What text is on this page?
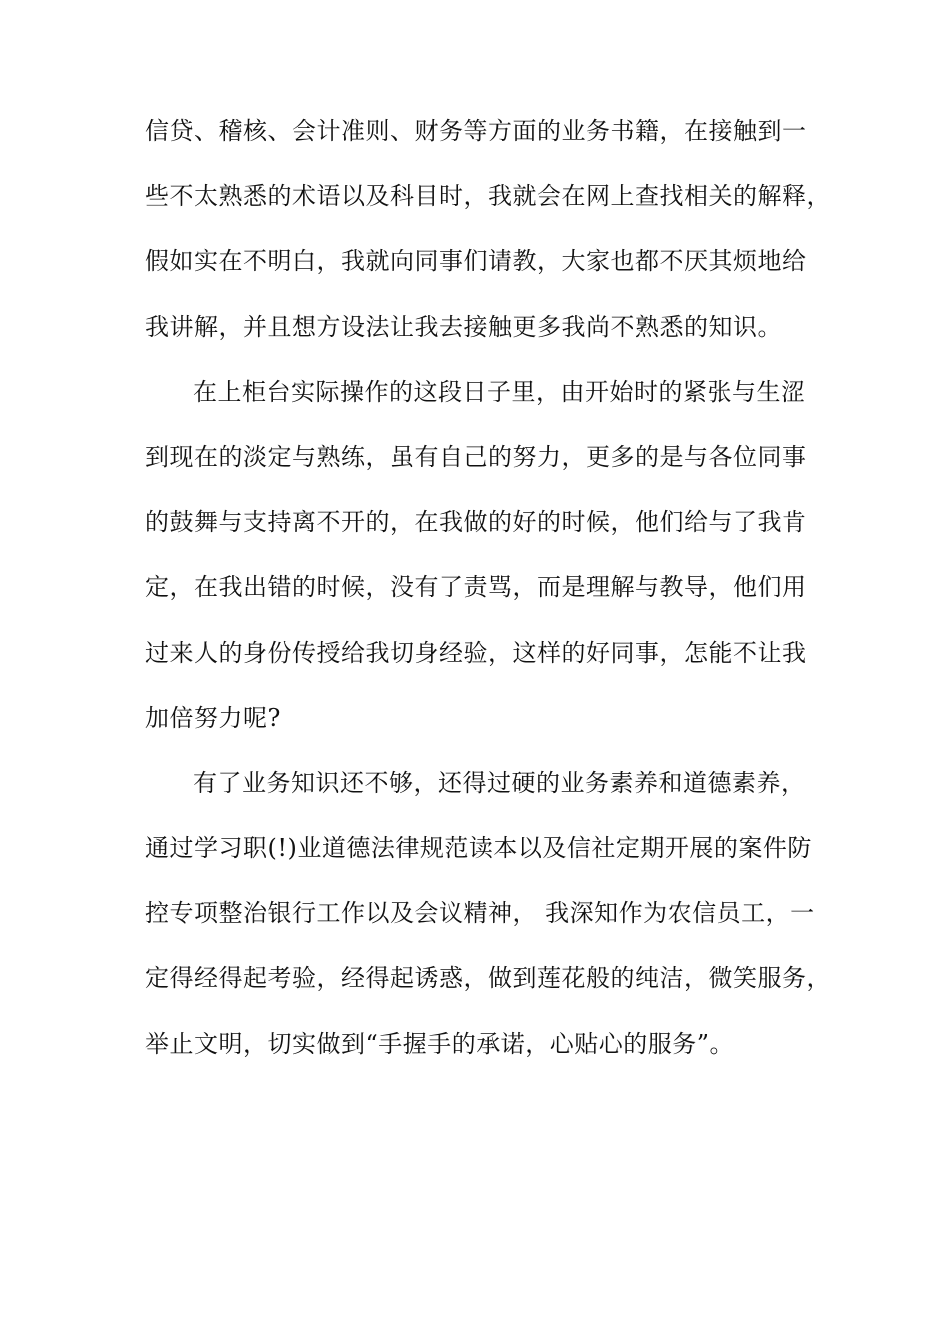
信贷、稽核、会计准则、财务等方面的业务书籍，在接触到一
些不太熟悉的术语以及科目时，我就会在网上查找相关的解释，
假如实在不明白，我就向同事们请教，大家也都不厌其烦地给
我讲解，并且想方设法让我去接触更多我尚不熟悉的知识。
在上柜台实际操作的这段日子里，由开始时的紧张与生涩
到现在的淡定与熟练，虽有自己的努力，更多的是与各位同事
的鼓舞与支持离不开的，在我做的好的时候，他们给与了我肯
定，在我出错的时候，没有了责骂，而是理解与教导，他们用
过来人的身份传授给我切身经验，这样的好同事，怎能不让我
加倍努力呢?
有了业务知识还不够，还得过硬的业务素养和道德素养，
通过学习职(!)业道德法律规范读本以及信社定期开展的案件防
控专项整治银行工作以及会议精神， 我深知作为农信员工，一
定得经得起考验，经得起诱惑，做到莲花般的纯洁，微笑服务，
举止文明，切实做到“手握手的承诺，心贴心的服务”。
